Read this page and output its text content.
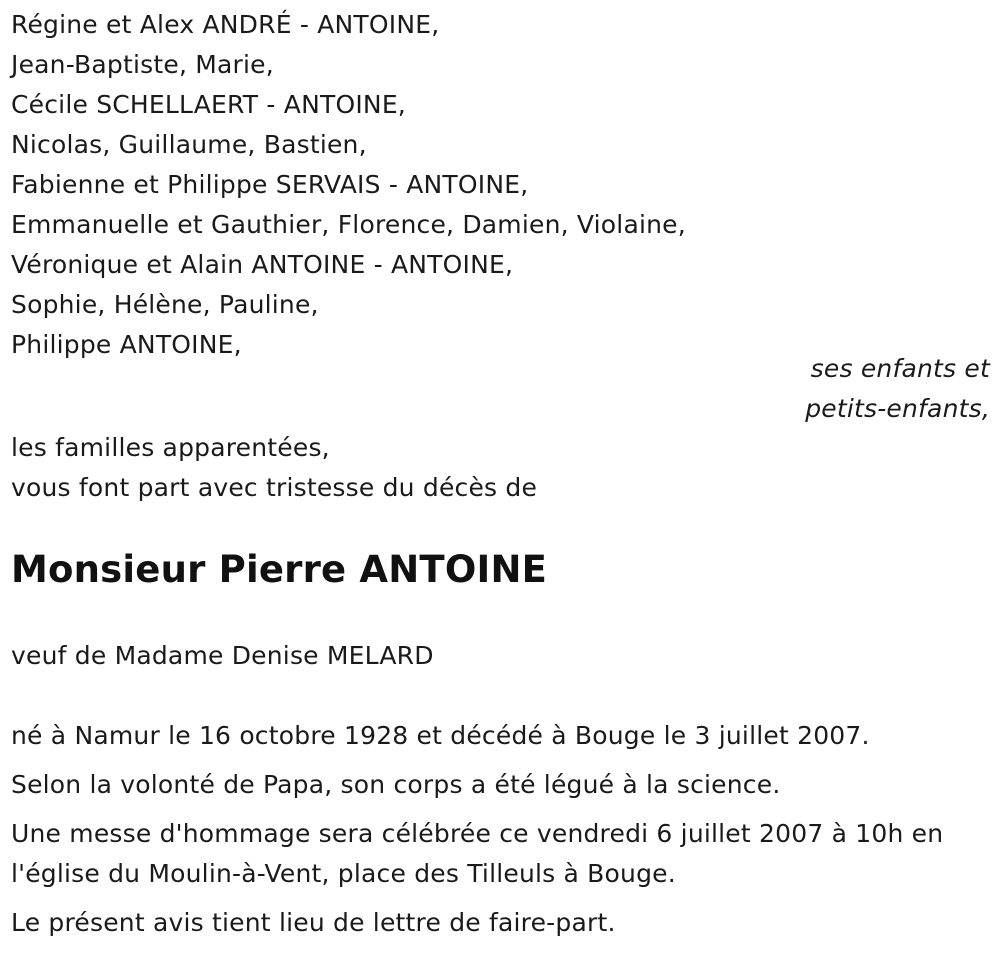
Régine et Alex ANDRÉ - ANTOINE,
Jean-Baptiste, Marie,
Cécile SCHELLAERT - ANTOINE,
Nicolas, Guillaume, Bastien,
Fabienne et Philippe SERVAIS - ANTOINE,
Emmanuelle et Gauthier, Florence, Damien, Violaine,
Véronique et Alain ANTOINE - ANTOINE,
Sophie, Hélène, Pauline,
Philippe ANTOINE,
ses enfants et
petits-enfants,
les familles apparentées,
vous font part avec tristesse du décès de
Monsieur Pierre ANTOINE
veuf de Madame Denise MELARD
né à Namur le 16 octobre 1928 et décédé à Bouge le 3 juillet 2007.
Selon la volonté de Papa, son corps a été légué à la science.
Une messe d'hommage sera célébrée ce vendredi 6 juillet 2007 à 10h en
l'église du Moulin-à-Vent, place des Tilleuls à Bouge.
Le présent avis tient lieu de lettre de faire-part.
